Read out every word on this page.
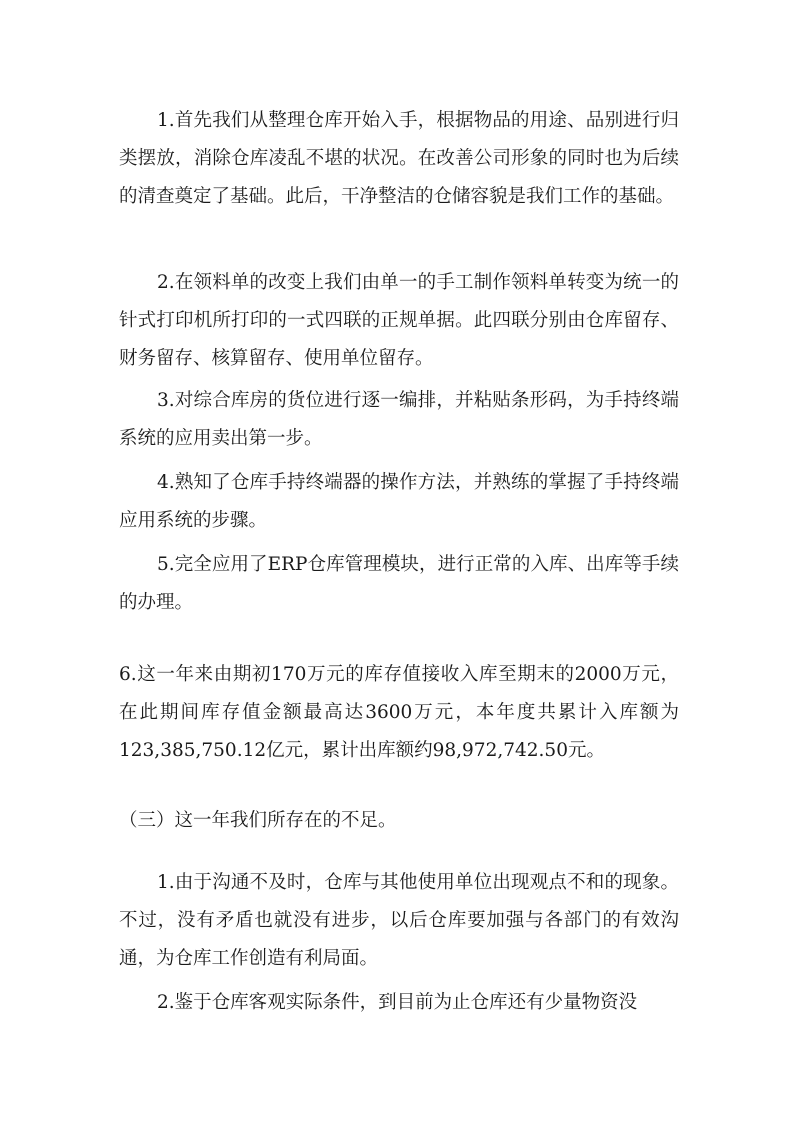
1.首先我们从整理仓库开始入手，根据物品的用途、品别进行归类摆放，消除仓库凌乱不堪的状况。在改善公司形象的同时也为后续的清查奠定了基础。此后，干净整洁的仓储容貌是我们工作的基础。

2.在领料单的改变上我们由单一的手工制作领料单转变为统一的针式打印机所打印的一式四联的正规单据。此四联分别由仓库留存、财务留存、核算留存、使用单位留存。

3.对综合库房的货位进行逐一编排，并粘贴条形码，为手持终端系统的应用卖出第一步。

4.熟知了仓库手持终端器的操作方法，并熟练的掌握了手持终端应用系统的步骤。

5.完全应用了ERP仓库管理模块，进行正常的入库、出库等手续的办理。

6.这一年来由期初170万元的库存值接收入库至期末的2000万元，在此期间库存值金额最高达3600万元，本年度共累计入库额为123,385,750.12亿元，累计出库额约98,972,742.50元。

（三）这一年我们所存在的不足。

1.由于沟通不及时，仓库与其他使用单位出现观点不和的现象。不过，没有矛盾也就没有进步，以后仓库要加强与各部门的有效沟通，为仓库工作创造有利局面。

2.鉴于仓库客观实际条件，到目前为止仓库还有少量物资没
